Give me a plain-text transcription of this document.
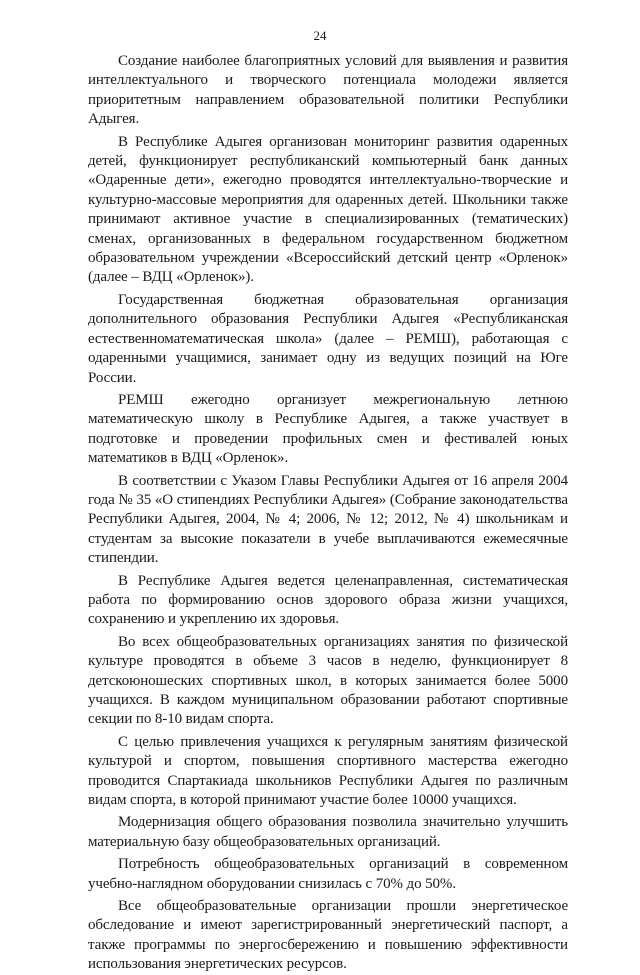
24

Создание наиболее благоприятных условий для выявления и развития интеллектуального и творческого потенциала молодежи является приоритетным направлением образовательной политики Республики Адыгея.

В Республике Адыгея организован мониторинг развития одаренных детей, функционирует республиканский компьютерный банк данных «Одаренные дети», ежегодно проводятся интеллектуально-творческие и культурно-массовые мероприятия для одаренных детей. Школьники также принимают активное участие в специализированных (тематических) сменах, организованных в федеральном государственном бюджетном образовательном учреждении «Всероссийский детский центр «Орленок» (далее – ВДЦ «Орленок»).

Государственная бюджетная образовательная организация дополнительного образования Республики Адыгея «Республиканская естественноматематическая школа» (далее – РЕМШ), работающая с одаренными учащимися, занимает одну из ведущих позиций на Юге России.

РЕМШ ежегодно организует межрегиональную летнюю математическую школу в Республике Адыгея, а также участвует в подготовке и проведении профильных смен и фестивалей юных математиков в ВДЦ «Орленок».

В соответствии с Указом Главы Республики Адыгея от 16 апреля 2004 года № 35 «О стипендиях Республики Адыгея» (Собрание законодательства Республики Адыгея, 2004, № 4; 2006, № 12; 2012, № 4) школьникам и студентам за высокие показатели в учебе выплачиваются ежемесячные стипендии.

В Республике Адыгея ведется целенаправленная, систематическая работа по формированию основ здорового образа жизни учащихся, сохранению и укреплению их здоровья.

Во всех общеобразовательных организациях занятия по физической культуре проводятся в объеме 3 часов в неделю, функционирует 8 детскоюношеских спортивных школ, в которых занимается более 5000 учащихся. В каждом муниципальном образовании работают спортивные секции по 8-10 видам спорта.

С целью привлечения учащихся к регулярным занятиям физической культурой и спортом, повышения спортивного мастерства ежегодно проводится Спартакиада школьников Республики Адыгея по различным видам спорта, в которой принимают участие более 10000 учащихся.

Модернизация общего образования позволила значительно улучшить материальную базу общеобразовательных организаций.

Потребность общеобразовательных организаций в современном учебно-наглядном оборудовании снизилась с 70% до 50%.

Все общеобразовательные организации прошли энергетическое обследование и имеют зарегистрированный энергетический паспорт, а также программы по энергосбережению и повышению эффективности использования энергетических ресурсов.
